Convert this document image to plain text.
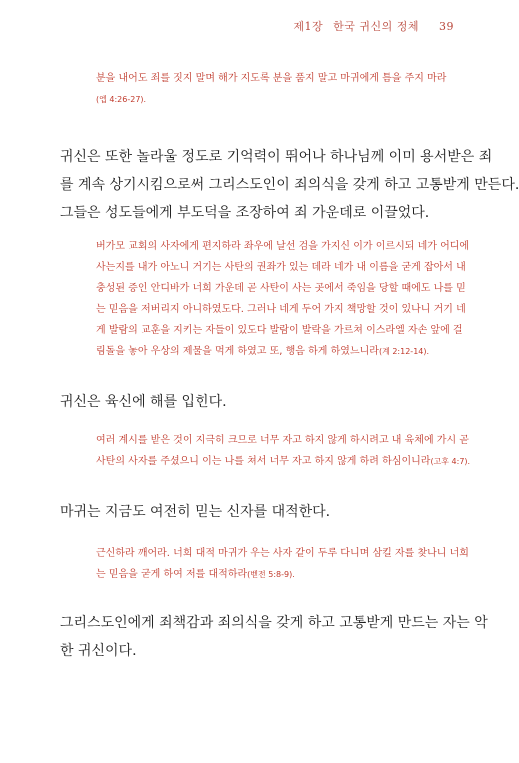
제1장 한국 귀신의 정체 39
분을 내어도 죄를 짓지 말며 해가 지도록 분을 품지 말고 마귀에게 틈을 주지 마라
(엡 4:26-27).
귀신은 또한 놀라울 정도로 기억력이 뛰어나 하나님께 이미 용서받은 죄
를 계속 상기시킴으로써 그리스도인이 죄의식을 갖게 하고 고통받게 만든다.
그들은 성도들에게 부도덕을 조장하여 죄 가운데로 이끌었다.
버가모 교회의 사자에게 편지하라 좌우에 날선 검을 가지신 이가 이르시되 네가 어디에
사는지를 내가 아노니 거기는 사탄의 권좌가 있는 데라 네가 내 이름을 굳게 잡아서 내
충성된 증인 안디바가 너희 가운데 곧 사탄이 사는 곳에서 죽임을 당할 때에도 나를 믿
는 믿음을 저버리지 아니하였도다. 그러나 네게 두어 가지 책망할 것이 있나니 거기 네
게 발람의 교훈을 지키는 자들이 있도다 발람이 발락을 가르쳐 이스라엘 자손 앞에 걸
림돌을 놓아 우상의 제물을 먹게 하였고 또, 행음 하게 하였느니라(계 2:12-14).
귀신은 육신에 해를 입힌다.
여러 계시를 받은 것이 지극히 크므로 너무 자고 하지 않게 하시려고 내 육체에 가시 곧
사탄의 사자를 주셨으니 이는 나를 쳐서 너무 자고 하지 않게 하려 하심이니라(고후 4:7).
마귀는 지금도 여전히 믿는 신자를 대적한다.
근신하라 깨어라. 너희 대적 마귀가 우는 사자 같이 두루 다니며 삼킬 자를 찾나니 너희
는 믿음을 굳게 하여 저를 대적하라(벧전 5:8-9).
그리스도인에게 죄책감과 죄의식을 갖게 하고 고통받게 만드는 자는 악
한 귀신이다.
